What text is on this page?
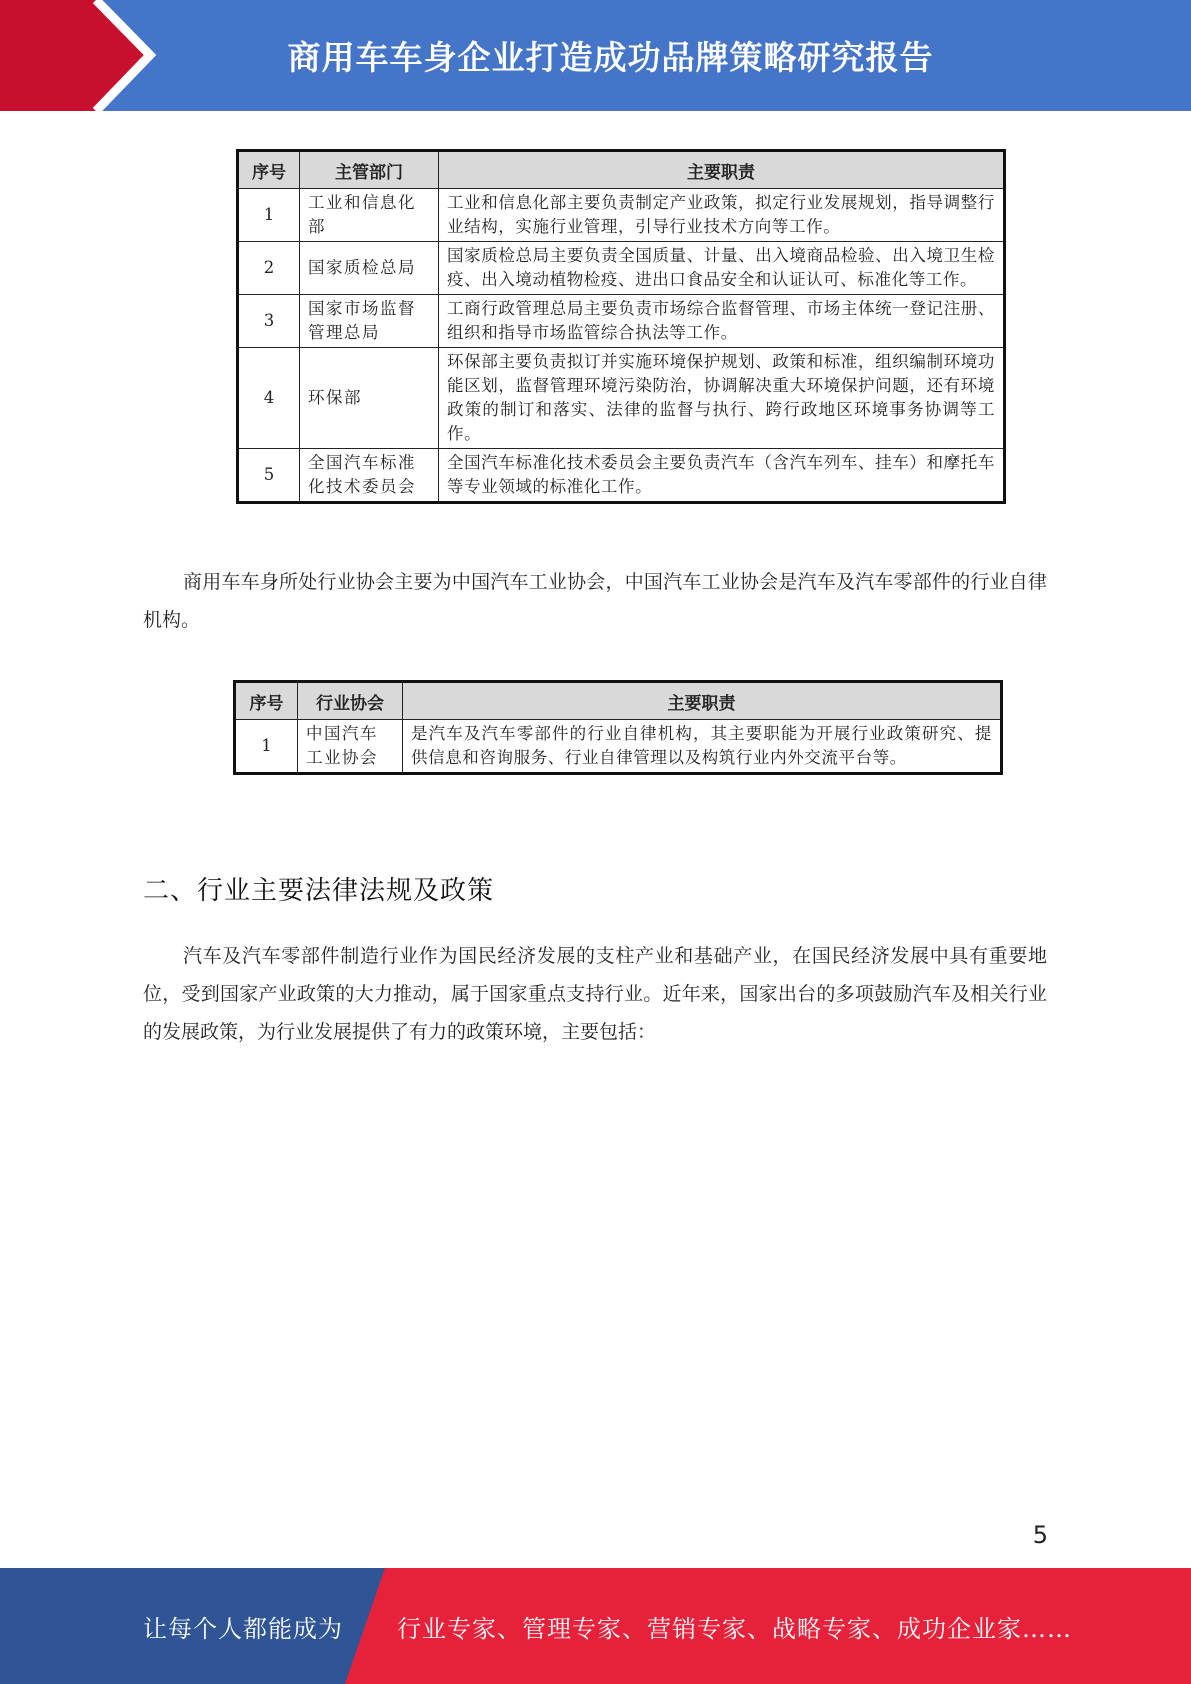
商用车车身企业打造成功品牌策略研究报告
序号	主管部门	主要职责
1	工业和信息化部	工业和信息化部主要负责制定产业政策，拟定行业发展规划，指导调整行业结构，实施行业管理，引导行业技术方向等工作。
2	国家质检总局	国家质检总局主要负责全国质量、计量、出入境商品检验、出入境卫生检疫、出入境动植物检疫、进出口食品安全和认证认可、标准化等工作。
3	国家市场监督管理总局	工商行政管理总局主要负责市场综合监督管理、市场主体统一登记注册、组织和指导市场监管综合执法等工作。
4	环保部	环保部主要负责拟订并实施环境保护规划、政策和标准，组织编制环境功能区划，监督管理环境污染防治，协调解决重大环境保护问题，还有环境政策的制订和落实、法律的监督与执行、跨行政地区环境事务协调等工作。
5	全国汽车标准化技术委员会	全国汽车标准化技术委员会主要负责汽车（含汽车列车、挂车）和摩托车等专业领域的标准化工作。

商用车车身所处行业协会主要为中国汽车工业协会，中国汽车工业协会是汽车及汽车零部件的行业自律机构。

序号	行业协会	主要职责
1	中国汽车工业协会	是汽车及汽车零部件的行业自律机构，其主要职能为开展行业政策研究、提供信息和咨询服务、行业自律管理以及构筑行业内外交流平台等。
二、行业主要法律法规及政策

汽车及汽车零部件制造行业作为国民经济发展的支柱产业和基础产业，在国民经济发展中具有重要地位，受到国家产业政策的大力推动，属于国家重点支持行业。近年来，国家出台的多项鼓励汽车及相关行业的发展政策，为行业发展提供了有力的政策环境，主要包括：

5
让每个人都能成为 行业专家、管理专家、营销专家、战略专家、成功企业家……
